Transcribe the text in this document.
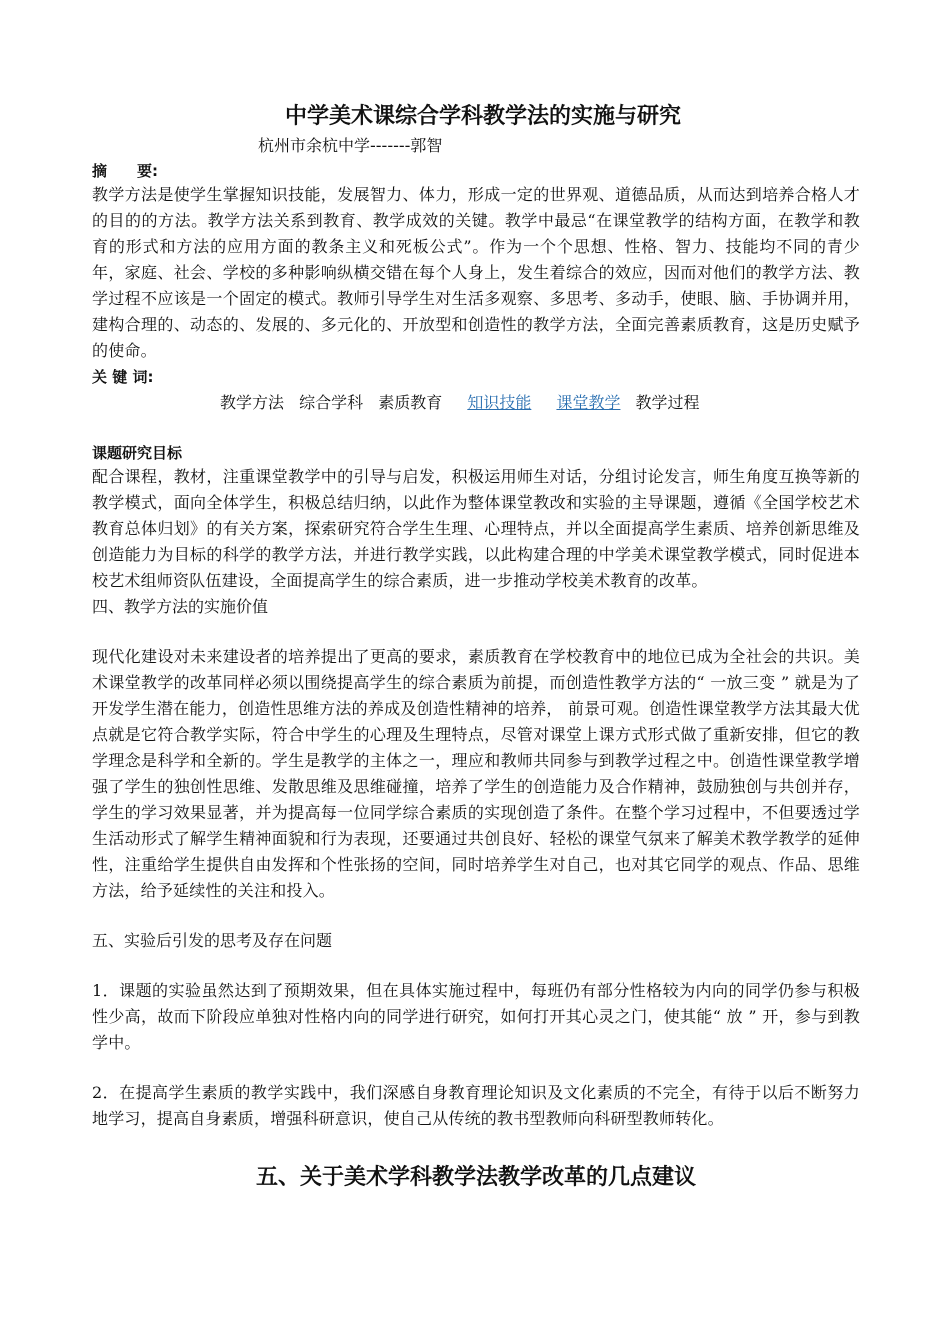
中学美术课综合学科教学法的实施与研究
杭州市余杭中学-------郭智
摘　　要:

教学方法是使学生掌握知识技能，发展智力、体力，形成一定的世界观、道德品质，从而达到培养合格人才的目的的方法。教学方法关系到教育、教学成效的关键。教学中最忌“在课堂教学的结构方面，在教学和教育的形式和方法的应用方面的教条主义和死板公式”。作为一个个思想、性格、智力、技能均不同的青少年，家庭、社会、学校的多种影响纵横交错在每个人身上，发生着综合的效应，因而对他们的教学方法、教学过程不应该是一个固定的模式。教师引导学生对生活多观察、多思考、多动手，使眼、脑、手协调并用，建构合理的、动态的、发展的、多元化的、开放型和创造性的教学方法，全面完善素质教育，这是历史赋予的使命。

关 键 词:
教学方法 综合学科 素质教育 知识技能 课堂教学 教学过程
课题研究目标

配合课程，教材，注重课堂教学中的引导与启发，积极运用师生对话，分组讨论发言，师生角度互换等新的教学模式，面向全体学生，积极总结归纳，以此作为整体课堂教改和实验的主导课题，遵循《全国学校艺术教育总体归划》的有关方案，探索研究符合学生生理、心理特点，并以全面提高学生素质、培养创新思维及创造能力为目标的科学的教学方法，并进行教学实践，以此构建合理的中学美术课堂教学模式，同时促进本校艺术组师资队伍建设，全面提高学生的综合素质，进一步推动学校美术教育的改革。

四、教学方法的实施价值

现代化建设对未来建设者的培养提出了更高的要求，素质教育在学校教育中的地位已成为全社会的共识。美术课堂教学的改革同样必须以围绕提高学生的综合素质为前提，而创造性教学方法的“ 一放三变 ” 就是为了开发学生潜在能力，创造性思维方法的养成及创造性精神的培养， 前景可观。创造性课堂教学方法其最大优点就是它符合教学实际，符合中学生的心理及生理特点，尽管对课堂上课方式形式做了重新安排，但它的教学理念是科学和全新的。学生是教学的主体之一，理应和教师共同参与到教学过程之中。创造性课堂教学增强了学生的独创性思维、发散思维及思维碰撞，培养了学生的创造能力及合作精神，鼓励独创与共创并存，学生的学习效果显著，并为提高每一位同学综合素质的实现创造了条件。在整个学习过程中，不但要透过学生活动形式了解学生精神面貌和行为表现，还要通过共创良好、轻松的课堂气氛来了解美术教学教学的延伸性，注重给学生提供自由发挥和个性张扬的空间，同时培养学生对自己，也对其它同学的观点、作品、思维方法，给予延续性的关注和投入。

五、实验后引发的思考及存在问题

1．课题的实验虽然达到了预期效果，但在具体实施过程中，每班仍有部分性格较为内向的同学仍参与积极性少高，故而下阶段应单独对性格内向的同学进行研究，如何打开其心灵之门，使其能“ 放 ” 开，参与到教学中。

2．在提高学生素质的教学实践中，我们深感自身教育理论知识及文化素质的不完全，有待于以后不断努力地学习，提高自身素质，增强科研意识，使自己从传统的教书型教师向科研型教师转化。

五、关于美术学科教学法教学改革的几点建议
